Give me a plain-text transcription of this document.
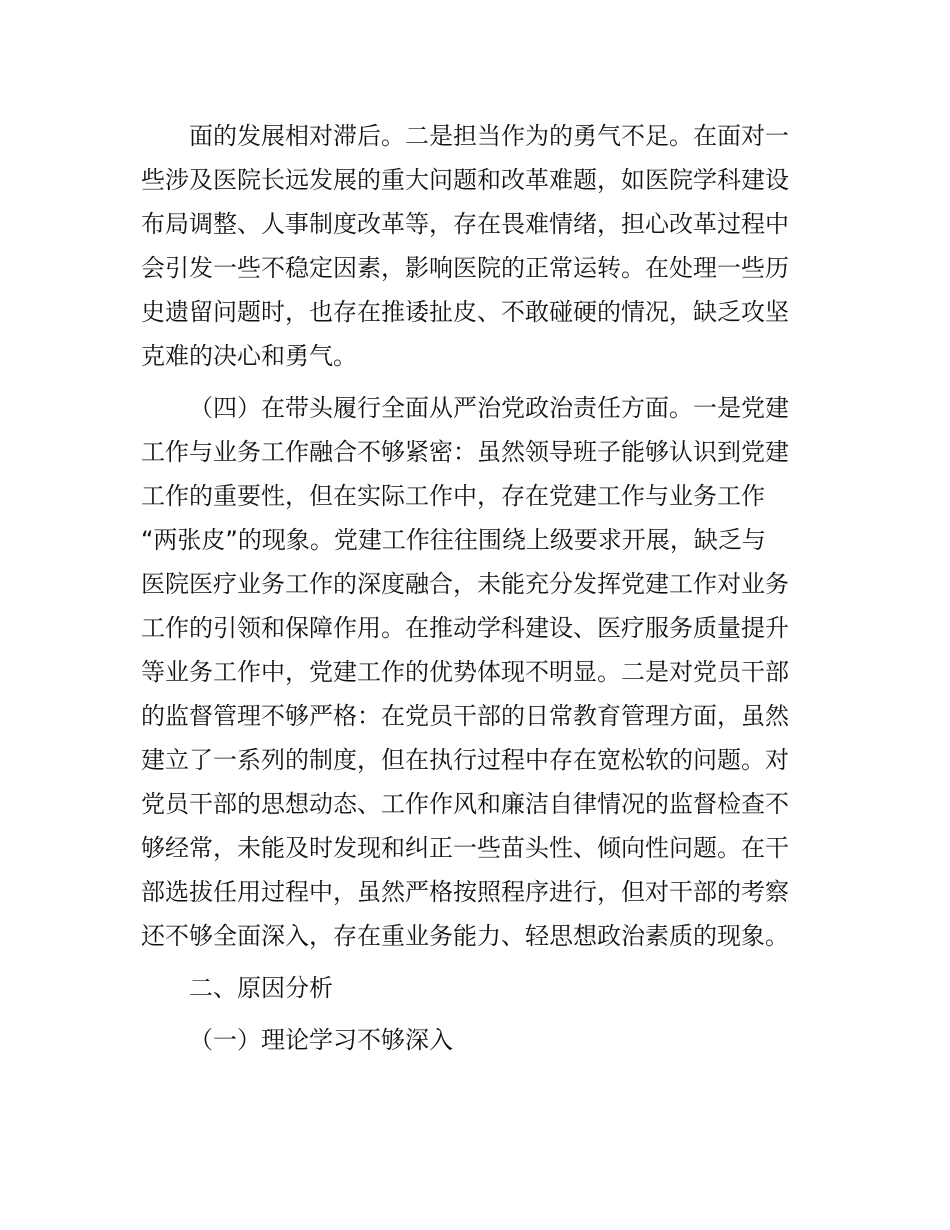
面的发展相对滞后。二是担当作为的勇气不足。在面对一
些涉及医院长远发展的重大问题和改革难题，如医院学科建设
布局调整、人事制度改革等，存在畏难情绪，担心改革过程中
会引发一些不稳定因素，影响医院的正常运转。在处理一些历
史遗留问题时，也存在推诿扯皮、不敢碰硬的情况，缺乏攻坚
克难的决心和勇气。
（四）在带头履行全面从严治党政治责任方面。一是党建
工作与业务工作融合不够紧密：虽然领导班子能够认识到党建
工作的重要性，但在实际工作中，存在党建工作与业务工作
“两张皮”的现象。党建工作往往围绕上级要求开展，缺乏与
医院医疗业务工作的深度融合，未能充分发挥党建工作对业务
工作的引领和保障作用。在推动学科建设、医疗服务质量提升
等业务工作中，党建工作的优势体现不明显。二是对党员干部
的监督管理不够严格：在党员干部的日常教育管理方面，虽然
建立了一系列的制度，但在执行过程中存在宽松软的问题。对
党员干部的思想动态、工作作风和廉洁自律情况的监督检查不
够经常，未能及时发现和纠正一些苗头性、倾向性问题。在干
部选拔任用过程中，虽然严格按照程序进行，但对干部的考察
还不够全面深入，存在重业务能力、轻思想政治素质的现象。
二、原因分析
（一）理论学习不够深入
